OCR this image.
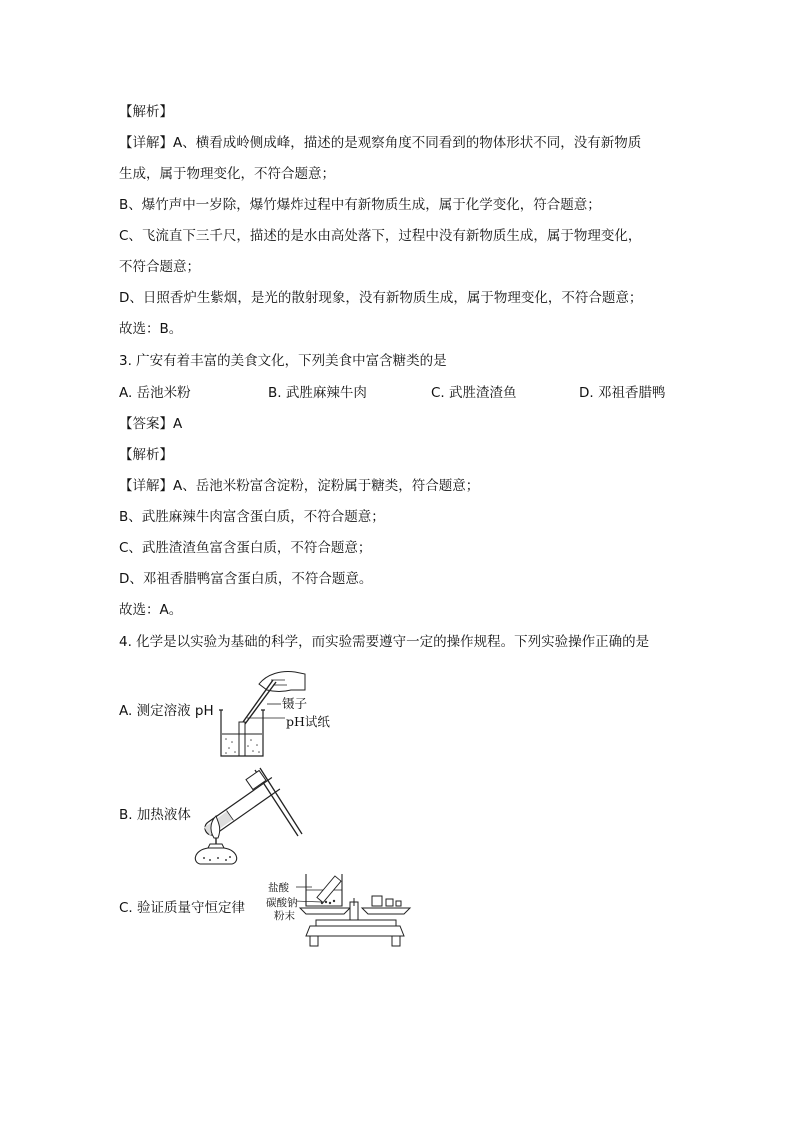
【解析】
【详解】A、横看成岭侧成峰，描述的是观察角度不同看到的物体形状不同，没有新物质
生成，属于物理变化，不符合题意；
B、爆竹声中一岁除，爆竹爆炸过程中有新物质生成，属于化学变化，符合题意；
C、飞流直下三千尺，描述的是水由高处落下，过程中没有新物质生成，属于物理变化，
不符合题意；
D、日照香炉生紫烟，是光的散射现象，没有新物质生成，属于物理变化，不符合题意；
故选：B。
3. 广安有着丰富的美食文化，下列美食中富含糖类的是
A. 岳池米粉	B. 武胜麻辣牛肉	C. 武胜渣渣鱼	D. 邓祖香腊鸭
【答案】A
【解析】
【详解】A、岳池米粉富含淀粉，淀粉属于糖类，符合题意；
B、武胜麻辣牛肉富含蛋白质，不符合题意；
C、武胜渣渣鱼富含蛋白质，不符合题意；
D、邓祖香腊鸭富含蛋白质，不符合题意。
故选：A。
4. 化学是以实验为基础的科学，而实验需要遵守一定的操作规程。下列实验操作正确的是
A. 测定溶液 pH	镊子
pH试纸
B. 加热液体
C. 验证质量守恒定律
盐酸
碳酸钠
粉末
